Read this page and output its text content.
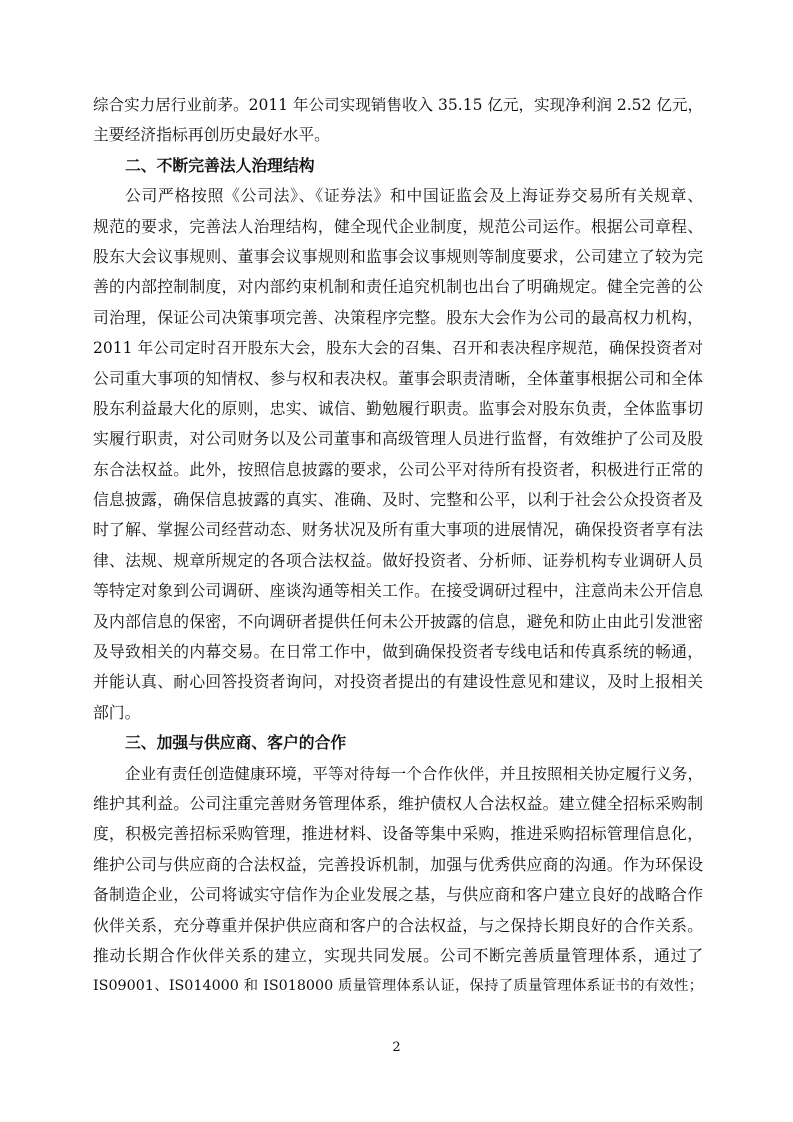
综合实力居行业前茅。2011 年公司实现销售收入 35.15 亿元，实现净利润 2.52 亿元，
主要经济指标再创历史最好水平。
二、不断完善法人治理结构
公司严格按照《公司法》、《证券法》和中国证监会及上海证券交易所有关规章、
规范的要求，完善法人治理结构，健全现代企业制度，规范公司运作。根据公司章程、
股东大会议事规则、董事会议事规则和监事会议事规则等制度要求，公司建立了较为完
善的内部控制制度，对内部约束机制和责任追究机制也出台了明确规定。健全完善的公
司治理，保证公司决策事项完善、决策程序完整。股东大会作为公司的最高权力机构，
2011 年公司定时召开股东大会，股东大会的召集、召开和表决程序规范，确保投资者对
公司重大事项的知情权、参与权和表决权。董事会职责清晰，全体董事根据公司和全体
股东利益最大化的原则，忠实、诚信、勤勉履行职责。监事会对股东负责，全体监事切
实履行职责，对公司财务以及公司董事和高级管理人员进行监督，有效维护了公司及股
东合法权益。此外，按照信息披露的要求，公司公平对待所有投资者，积极进行正常的
信息披露，确保信息披露的真实、准确、及时、完整和公平，以利于社会公众投资者及
时了解、掌握公司经营动态、财务状况及所有重大事项的进展情况，确保投资者享有法
律、法规、规章所规定的各项合法权益。做好投资者、分析师、证券机构专业调研人员
等特定对象到公司调研、座谈沟通等相关工作。在接受调研过程中，注意尚未公开信息
及内部信息的保密，不向调研者提供任何未公开披露的信息，避免和防止由此引发泄密
及导致相关的内幕交易。在日常工作中，做到确保投资者专线电话和传真系统的畅通，
并能认真、耐心回答投资者询问，对投资者提出的有建设性意见和建议，及时上报相关
部门。
三、加强与供应商、客户的合作
企业有责任创造健康环境，平等对待每一个合作伙伴，并且按照相关协定履行义务，
维护其利益。公司注重完善财务管理体系，维护债权人合法权益。建立健全招标采购制
度，积极完善招标采购管理，推进材料、设备等集中采购，推进采购招标管理信息化，
维护公司与供应商的合法权益，完善投诉机制，加强与优秀供应商的沟通。作为环保设
备制造企业，公司将诚实守信作为企业发展之基，与供应商和客户建立良好的战略合作
伙伴关系，充分尊重并保护供应商和客户的合法权益，与之保持长期良好的合作关系。
推动长期合作伙伴关系的建立，实现共同发展。公司不断完善质量管理体系，通过了
IS09001、IS014000 和 IS018000 质量管理体系认证，保持了质量管理体系证书的有效性；
2
